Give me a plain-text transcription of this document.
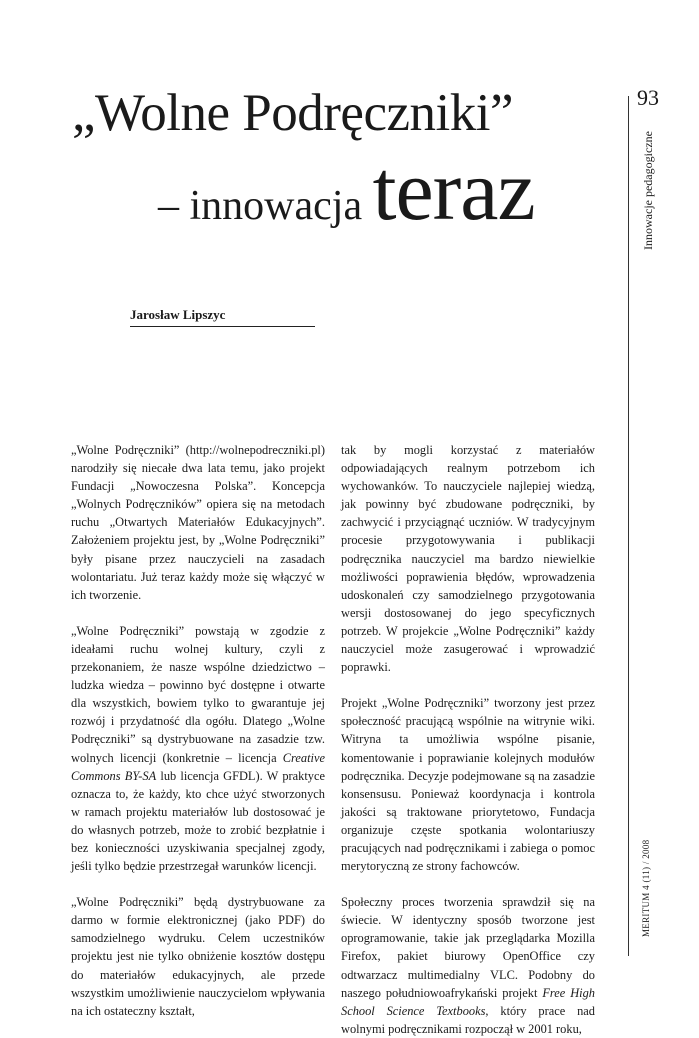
„Wolne Podręczniki”
– innowacja teraz
93
Innowacje pedagogiczne
MERITUM 4 (11) / 2008
Jarosław Lipszyc

„Wolne Podręczniki” (http://wolnepodreczniki.pl) narodziły się niecałe dwa lata temu, jako projekt Fundacji „Nowoczesna Polska”. Koncepcja „Wolnych Podręczników” opiera się na metodach ruchu „Otwartych Materiałów Edukacyjnych”. Założeniem projektu jest, by „Wolne Podręczniki” były pisane przez nauczycieli na zasadach wolontariatu. Już teraz każdy może się włączyć w ich tworzenie.

„Wolne Podręczniki” powstają w zgodzie z ideałami ruchu wolnej kultury, czyli z przekonaniem, że nasze wspólne dziedzictwo – ludzka wiedza – powinno być dostępne i otwarte dla wszystkich, bowiem tylko to gwarantuje jej rozwój i przydatność dla ogółu. Dlatego „Wolne Podręczniki” są dystrybuowane na zasadzie tzw. wolnych licencji (konkretnie – licencja Creative Commons BY-SA lub licencja GFDL). W praktyce oznacza to, że każdy, kto chce użyć stworzonych w ramach projektu materiałów lub dostosować je do własnych potrzeb, może to zrobić bezpłatnie i bez konieczności uzyskiwania specjalnej zgody, jeśli tylko będzie przestrzegał warunków licencji.

„Wolne Podręczniki” będą dystrybuowane za darmo w formie elektronicznej (jako PDF) do samodzielnego wydruku. Celem uczestników projektu jest nie tylko obniżenie kosztów dostępu do materiałów edukacyjnych, ale przede wszystkim umożliwienie nauczycielom wpływania na ich ostateczny kształt,

tak by mogli korzystać z materiałów odpowiadających realnym potrzebom ich wychowanków. To nauczyciele najlepiej wiedzą, jak powinny być zbudowane podręczniki, by zachwycić i przyciągnąć uczniów. W tradycyjnym procesie przygotowywania i publikacji podręcznika nauczyciel ma bardzo niewielkie możliwości poprawienia błędów, wprowadzenia udoskonaleń czy samodzielnego przygotowania wersji dostosowanej do jego specyficznych potrzeb. W projekcie „Wolne Podręczniki” każdy nauczyciel może zasugerować i wprowadzić poprawki.

Projekt „Wolne Podręczniki” tworzony jest przez społeczność pracującą wspólnie na witrynie wiki. Witryna ta umożliwia wspólne pisanie, komentowanie i poprawianie kolejnych modułów podręcznika. Decyzje podejmowane są na zasadzie konsensusu. Ponieważ koordynacja i kontrola jakości są traktowane priorytetowo, Fundacja organizuje częste spotkania wolontariuszy pracujących nad podręcznikami i zabiega o pomoc merytoryczną ze strony fachowców.

Społeczny proces tworzenia sprawdził się na świecie. W identyczny sposób tworzone jest oprogramowanie, takie jak przeglądarka Mozilla Firefox, pakiet biurowy OpenOffice czy odtwarzacz multimedialny VLC. Podobny do naszego południowoafrykański projekt Free High School Science Textbooks, który prace nad wolnymi podręcznikami rozpoczął w 2001 roku,
